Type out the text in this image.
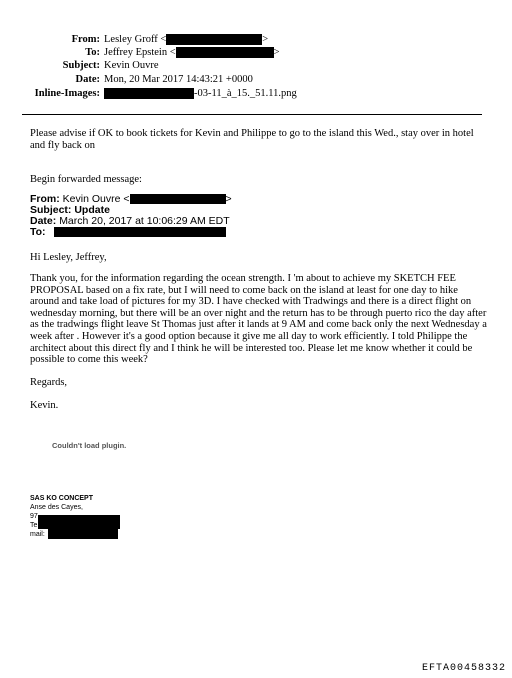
From: Lesley Groff <	>
To: Jeffrey Epstein <	>
Subject: Kevin Ouvre
Date: Mon, 20 Mar 2017 14:43:21 +0000
Inline-Images:	-03-11_à_15._51.11.png
Please advise if OK to book tickets for Kevin and Philippe to go to the island this Wed., stay over in hotel and fly back on
Begin forwarded message:
From: Kevin Ouvre <	>
Subject: Update
Date: March 20, 2017 at 10:06:29 AM EDT
To:
Hi Lesley, Jeffrey,
Thank you, for the information regarding the ocean strength. I 'm about to achieve my SKETCH FEE PROPOSAL based on a fix rate, but I will need to come back on the island at least for one day to hike around and take load of pictures for my 3D. I have checked with Tradwings and there is a direct flight on wednesday morning, but there will be an over night and the return has to be through puerto rico the day after as the tradwings flight leave St Thomas just after it lands at 9 AM and come back only the next Wednesday a week after . However it's a good option because it give me all day to work efficiently. I told Philippe the architect about this direct fly and I think he will be interested too. Please let me know whether it could be possible to come this week?
Regards,
Kevin.
Couldn't load plugin.
SAS KO CONCEPT
Anse des Cayes,
97
Te
mail:
EFTA00458332
